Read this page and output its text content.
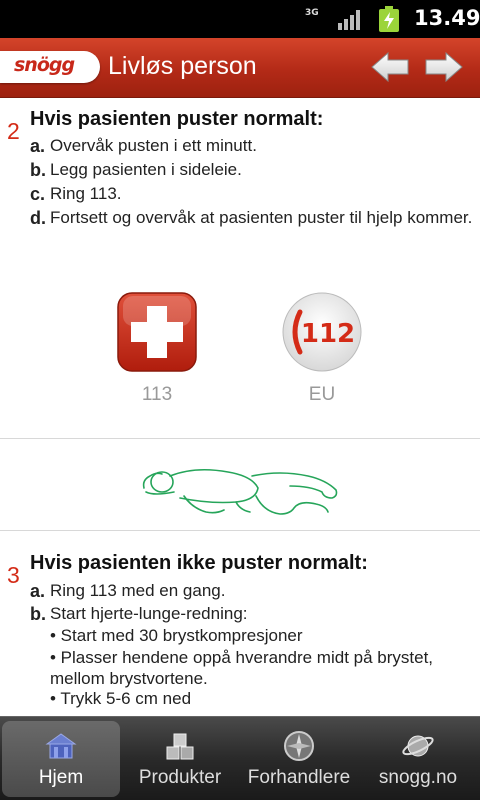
3G	13.49
snögg Livløs person
2 Hvis pasienten puster normalt:
a. Overvåk pusten i ett minutt.
b. Legg pasienten i sideleie.
c. Ring 113.
d. Fortsett og overvåk at pasienten puster til hjelp kommer.
113
112
EU
3 Hvis pasienten ikke puster normalt:
a. Ring 113 med en gang.
b. Start hjerte-lunge-redning:
• Start med 30 brystkompresjoner
• Plasser hendene oppå hverandre midt på brystet, mellom brystvortene.
• Trykk 5-6 cm ned
Hjem	Produkter	Forhandlere	snogg.no
